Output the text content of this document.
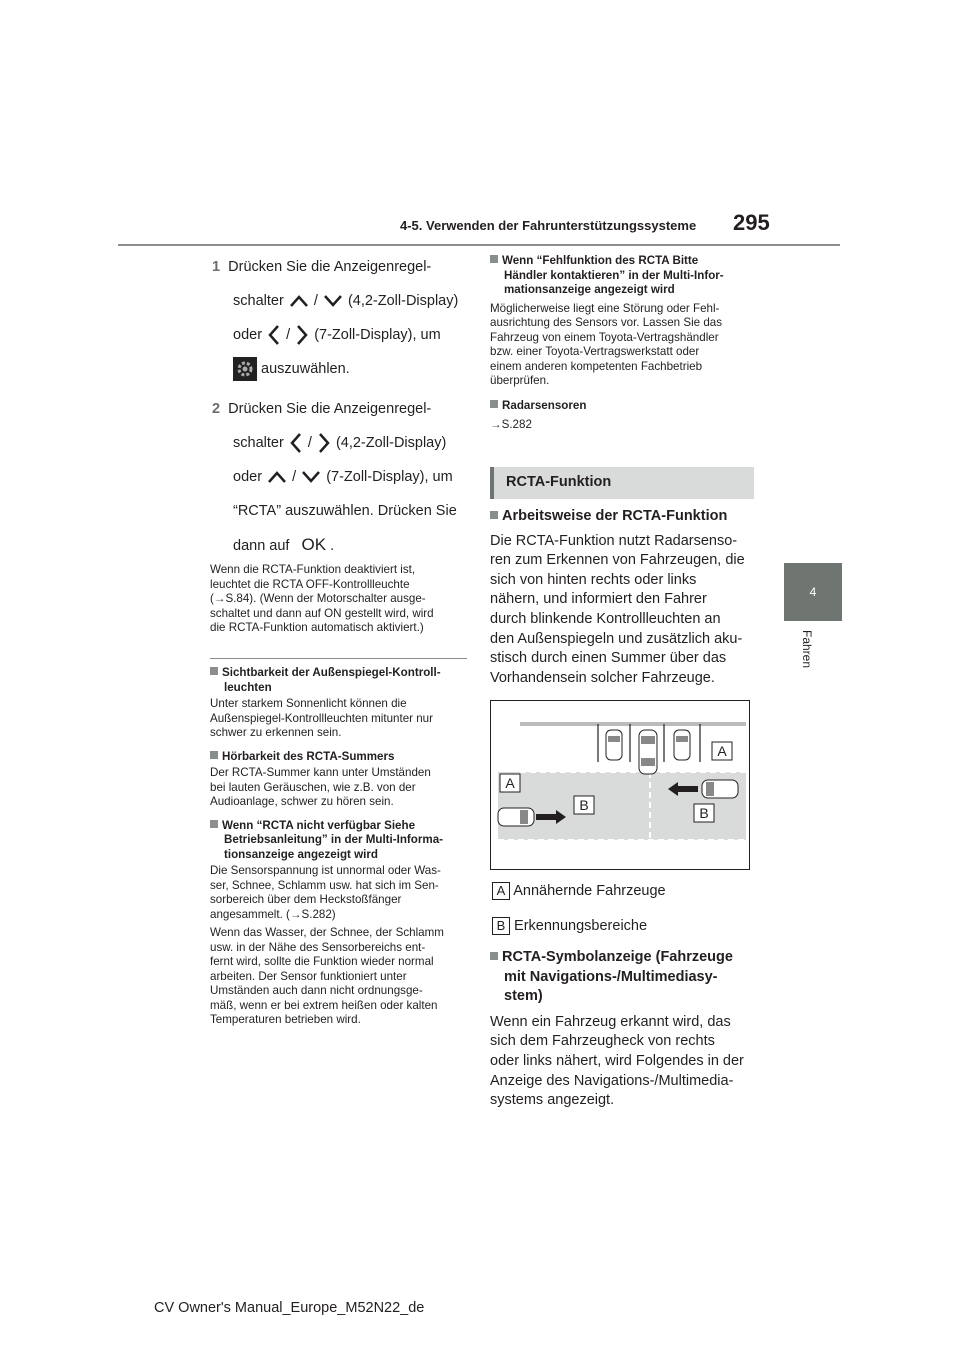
4-5. Verwenden der Fahrunterstützungssysteme 295
4
Fahren
1 Drücken Sie die Anzeigenregel-
schalter / (4,2-Zoll-Display)
oder / (7-Zoll-Display), um
auszuwählen.
2 Drücken Sie die Anzeigenregel-
schalter / (4,2-Zoll-Display)
oder / (7-Zoll-Display), um
“RCTA” auszuwählen. Drücken Sie
dann auf OK .
Wenn die RCTA-Funktion deaktiviert ist,
leuchtet die RCTA OFF-Kontrollleuchte
(→S.84). (Wenn der Motorschalter ausge-
schaltet und dann auf ON gestellt wird, wird
die RCTA-Funktion automatisch aktiviert.)
Sichtbarkeit der Außenspiegel-Kontroll-
leuchten
Unter starkem Sonnenlicht können die
Außenspiegel-Kontrollleuchten mitunter nur
schwer zu erkennen sein.
Hörbarkeit des RCTA-Summers
Der RCTA-Summer kann unter Umständen
bei lauten Geräuschen, wie z.B. von der
Audioanlage, schwer zu hören sein.
Wenn “RCTA nicht verfügbar Siehe
Betriebsanleitung” in der Multi-Informa-
tionsanzeige angezeigt wird
Die Sensorspannung ist unnormal oder Was-
ser, Schnee, Schlamm usw. hat sich im Sen-
sorbereich über dem Heckstoßfänger
angesammelt. (→S.282)
Wenn das Wasser, der Schnee, der Schlamm
usw. in der Nähe des Sensorbereichs ent-
fernt wird, sollte die Funktion wieder normal
arbeiten. Der Sensor funktioniert unter
Umständen auch dann nicht ordnungsge-
mäß, wenn er bei extrem heißen oder kalten
Temperaturen betrieben wird.
Wenn “Fehlfunktion des RCTA Bitte
Händler kontaktieren” in der Multi-Infor-
mationsanzeige angezeigt wird
Möglicherweise liegt eine Störung oder Fehl-
ausrichtung des Sensors vor. Lassen Sie das
Fahrzeug von einem Toyota-Vertragshändler
bzw. einer Toyota-Vertragswerkstatt oder
einem anderen kompetenten Fachbetrieb
überprüfen.
Radarsensoren
→S.282
RCTA-Funktion
Arbeitsweise der RCTA-Funktion
Die RCTA-Funktion nutzt Radarsenso-
ren zum Erkennen von Fahrzeugen, die
sich von hinten rechts oder links
nähern, und informiert den Fahrer
durch blinkende Kontrollleuchten an
den Außenspiegeln und zusätzlich aku-
stisch durch einen Summer über das
Vorhandensein solcher Fahrzeuge.
A
A
B	B
A Annähernde Fahrzeuge
B Erkennungsbereiche
RCTA-Symbolanzeige (Fahrzeuge
mit Navigations-/Multimediasy-
stem)
Wenn ein Fahrzeug erkannt wird, das
sich dem Fahrzeugheck von rechts
oder links nähert, wird Folgendes in der
Anzeige des Navigations-/Multimedia-
systems angezeigt.
CV Owner's Manual_Europe_M52N22_de
